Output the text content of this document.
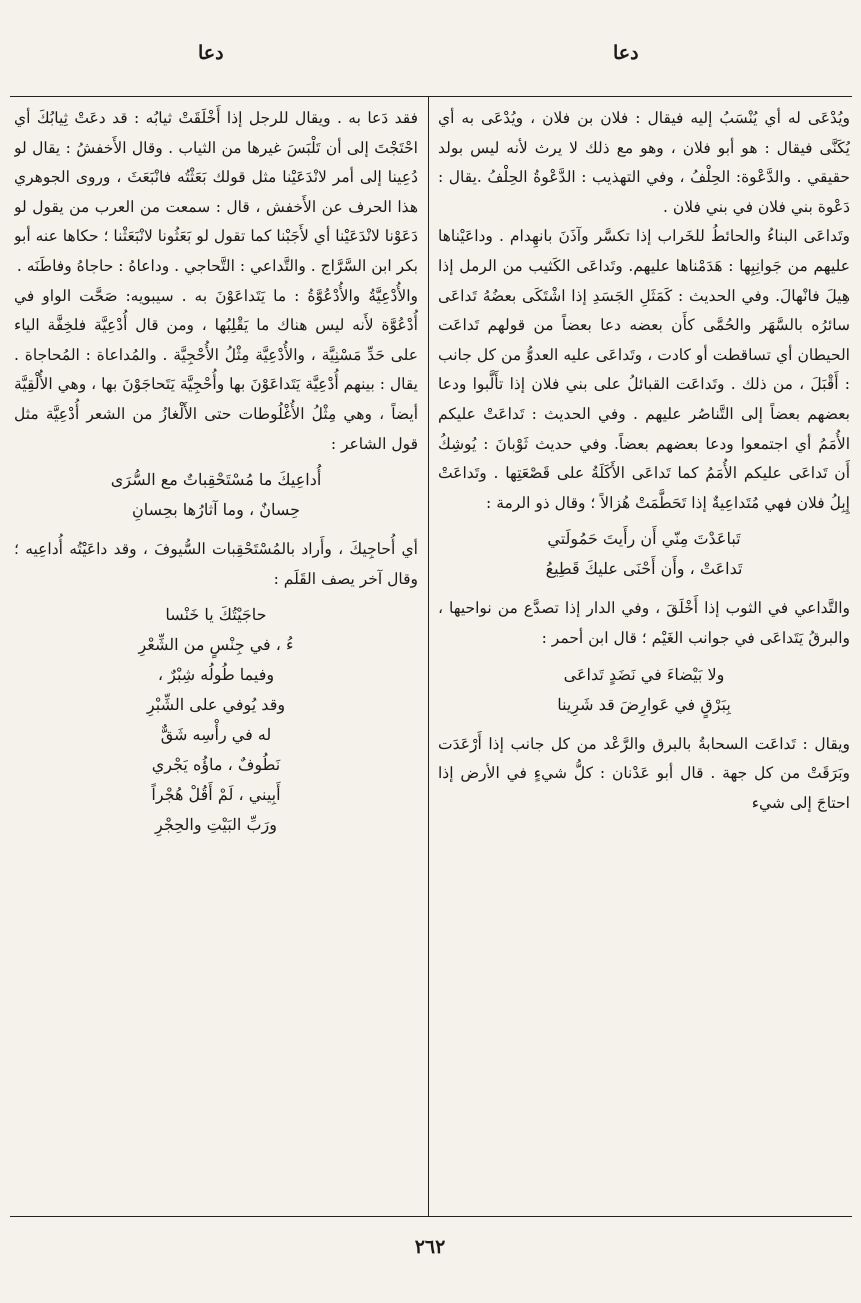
دعا
دعا

ويُدْعَى له أي يُنْسَبُ إليه فيقال : فلان بن فلان ، ويُدْعَى به أي يُكَنَّى فيقال : هو أبو فلان ، وهو مع ذلك لا يرث لأنه ليس بولد حقيقي . والدَّعْوة: الحِلْفُ ، وفي التهذيب : الدَّعْوةُ الحِلْفُ .يقال : دَعْوة بني فلان في بني فلان .

وتَداعَى البناءُ والحائطُ للخَراب إذا تكسَّر وآذَنَ بانهِدام . وداعَيْناها عليهم من جَوانِبِها : هَدَمْناها عليهم. وتَداعَى الكَثيب من الرمل إذا هِيلَ فانْهالَ. وفي الحديث : كَمَثَلِ الجَسَدِ إذا اشْتَكَى بعضُهُ تَداعَى سائرُه بالسَّهَر والحُمَّى كأَن بعضه دعا بعضاً من قولهم تَداعَت الحيطان أي تساقطت أو كادت ، وتَداعَى عليه العدوُّ من كل جانب : أَقْبَلَ ، من ذلك . وتَداعَت القبائلُ على بني فلان إذا تأَلَّبوا ودعا بعضهم بعضاً إلى التَّناصُر عليهم . وفي الحديث : تَداعَتْ عليكم الأُمَمُ أي اجتمعوا ودعا بعضهم بعضاً. وفي حديث ثَوْبانَ : يُوشِكُ أَن تَداعَى عليكم الأُمَمُ كما تَداعَى الأَكَلَةُ على قَصْعَتِها . وتَداعَتْ إِبِلُ فلان فهي مُتَداعِيةٌ إذا تَحَطَّمَتْ هُزالاً ؛ وقال ذو الرمة :

تَباعَدْتَ مِنّي أَن رأَيتَ حَمُولَتي
تَداعَتْ ، وأَن أَحْنَى عليكَ قَطِيعُ

والتَّداعي في الثوب إذا أَخْلَقَ ، وفي الدار إذا تصدَّع من نواحيها ، والبرقُ يَتَداعَى في جوانب الغَيْم ؛ قال ابن أحمر :

ولا بَيْضاءَ في نَضَدٍ تَداعَى
بِبَرْقٍ في عَوارِضَ قد شَرِينا

ويقال : تَداعَت السحابةُ بالبرق والرَّعْد من كل جانب إذا أَرْعَدَت وبَرَقَتْ من كل جهة . قال أبو عَدْنان : كلُّ شيءٍ في الأرض إذا احتاجَ إلى شيء

فقد دَعا به . ويقال للرجل إذا أَخْلَقَتْ ثيابُه : قد دعَتْ ثِيابُكَ أي احْتَجْتَ إلى أن تَلْبَسَ غيرها من الثياب . وقال الأَخفشُ : يقال لو دُعِينا إلى أمر لانْدَعَيْنا مثل قولك بَعَثْتُه فانْبَعَثَ ، وروى الجوهري هذا الحرف عن الأَخفش ، قال : سمعت من العرب من يقول لو دَعَوْنا لانْدَعَيْنا أي لأَجَبْنا كما تقول لو بَعَثُونا لانْبَعَثْنا ؛ حكاها عنه أبو بكر ابن السَّرَّاج . والتَّداعي : التَّحاجي . وداعاهُ : حاجاهُ وفاطَنَه .

والأُدْعِيَّةُ والأُدْعُوَّةُ : ما يَتَداعَوْنَ به . سيبويه: صَحَّت الواو في أُدْعُوَّة لأَنه ليس هناك ما يَقْلِبُها ، ومن قال أُدْعِيَّة فلخِفَّة الياء على حَدِّ مَسْنِيَّة ، والأُدْعِيَّة مِثْلُ الأُحْجِيَّة . والمُداعاة : المُحاجاة . يقال : بينهم أُدْعِيَّة يَتَداعَوْنَ بها وأُحْجِيَّة يَتَحاجَوْنَ بها ، وهي الأُلْقِيَّة أيضاً ، وهي مِثْلُ الأُغْلُوطات حتى الأَلْغازُ من الشعر أُدْعِيَّة مثل قول الشاعر :

أُداعِيكَ ما مُسْتَحْقِباتٌ مع السُّرَى
حِسانٌ ، وما آثارُها بحِسانِ

أي أُحاجِيكَ ، وأَراد بالمُسْتَحْقِبات السُّيوفَ ، وقد داعَيْتُه أُداعِيه ؛ وقال آخر يصف القَلَم :

حاجَيْتُكَ يا خَنْسا
ءُ ، في جِنْسٍ من الشِّعْرِ
وفيما طُولُه شِبْرٌ ،
وقد يُوفي على الشِّبْرِ
له في رأْسِه شَقٌّ
نَطُوفٌ ، ماؤُه يَجْري
أَبِيني ، لَمْ أَقُلْ هُجْراً
ورَبِّ البَيْتِ والحِجْرِ
٢٦٢
